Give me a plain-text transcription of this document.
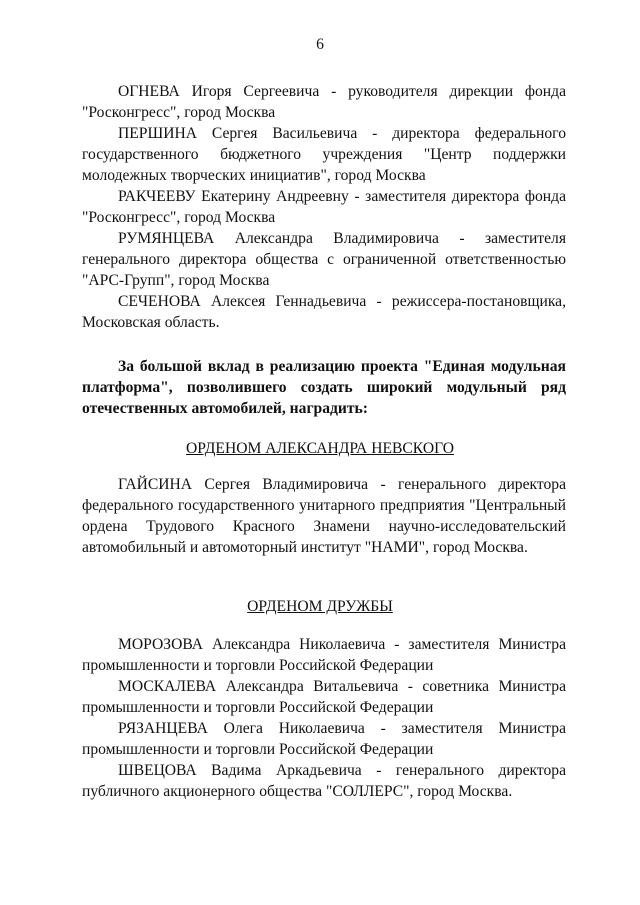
6

ОГНЕВА Игоря Сергеевича - руководителя дирекции фонда "Росконгресс", город Москва

ПЕРШИНА Сергея Васильевича - директора федерального государственного бюджетного учреждения "Центр поддержки молодежных творческих инициатив", город Москва

РАКЧЕЕВУ Екатерину Андреевну - заместителя директора фонда "Росконгресс", город Москва

РУМЯНЦЕВА Александра Владимировича - заместителя генерального директора общества с ограниченной ответственностью "АРС-Групп", город Москва

СЕЧЕНОВА Алексея Геннадьевича - режиссера-постановщика, Московская область.

За большой вклад в реализацию проекта "Единая модульная платформа", позволившего создать широкий модульный ряд отечественных автомобилей, наградить:

ОРДЕНОМ АЛЕКСАНДРА НЕВСКОГО

ГАЙСИНА Сергея Владимировича - генерального директора федерального государственного унитарного предприятия "Центральный ордена Трудового Красного Знамени научно-исследовательский автомобильный и автомоторный институт "НАМИ", город Москва.

ОРДЕНОМ ДРУЖБЫ

МОРОЗОВА Александра Николаевича - заместителя Министра промышленности и торговли Российской Федерации

МОСКАЛЕВА Александра Витальевича - советника Министра промышленности и торговли Российской Федерации

РЯЗАНЦЕВА Олега Николаевича - заместителя Министра промышленности и торговли Российской Федерации

ШВЕЦОВА Вадима Аркадьевича - генерального директора публичного акционерного общества "СОЛЛЕРС", город Москва.
